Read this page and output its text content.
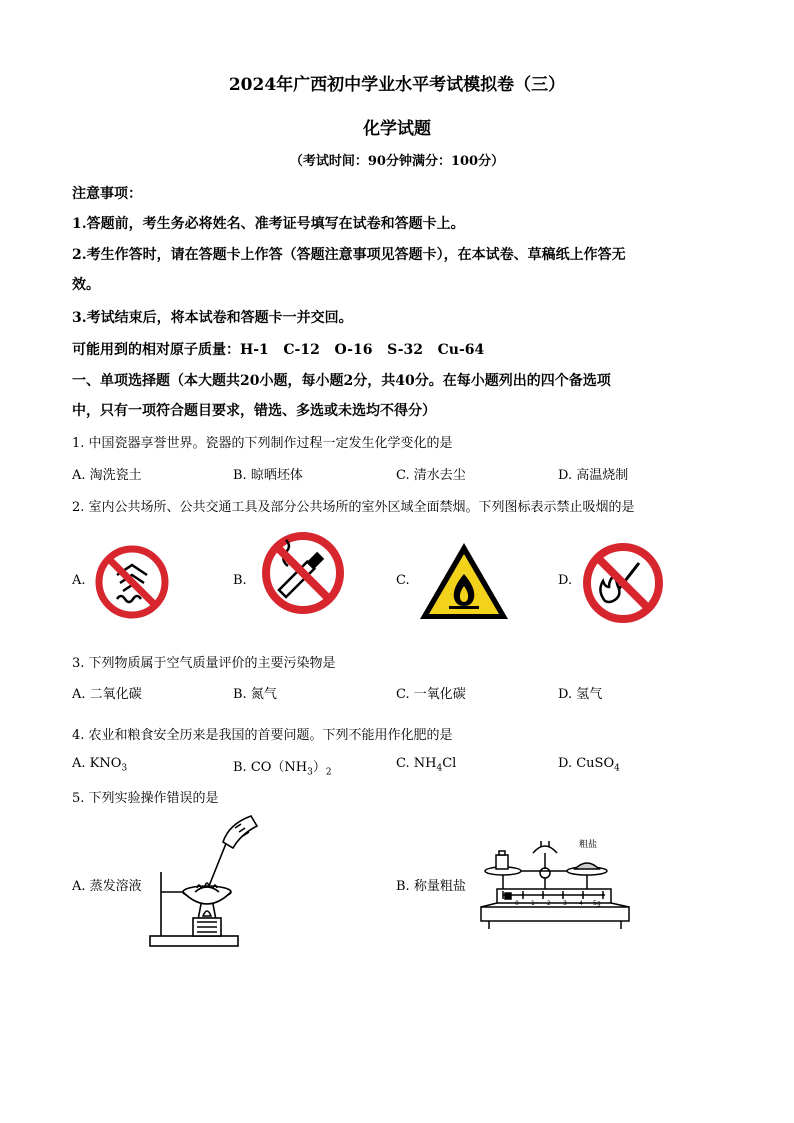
2024年广西初中学业水平考试模拟卷（三）
化学试题
（考试时间：90分钟满分：100分）
注意事项：
1.答题前，考生务必将姓名、准考证号填写在试卷和答题卡上。
2.考生作答时，请在答题卡上作答（答题注意事项见答题卡），在本试卷、草稿纸上作答无
效。
3.考试结束后，将本试卷和答题卡一并交回。
可能用到的相对原子质量：H-1   C-12   O-16   S-32   Cu-64
一、单项选择题（本大题共20小题，每小题2分，共40分。在每小题列出的四个备选项
中，只有一项符合题目要求，错选、多选或未选均不得分）
1. 中国瓷器享誉世界。瓷器的下列制作过程一定发生化学变化的是
A. 淘洗瓷土	B. 晾晒坯体	C. 清水去尘	D. 高温烧制
2. 室内公共场所、公共交通工具及部分公共场所的室外区域全面禁烟。下列图标表示禁止吸烟的是
A.	B.	C.	D.
3. 下列物质属于空气质量评价的主要污染物是
A. 二氧化碳	B. 氮气	C. 一氧化碳	D. 氢气
4. 农业和粮食安全历来是我国的首要问题。下列不能用作化肥的是
A. $KNO_3$	B. $CO(NH_3)_2$
C. $NH_4Cl$	D. CuSO$_4$
5. 下列实验操作错误的是
A. 蒸发溶液	B. 称量粗盐
0 1 2 3 4 5g
粗盐
